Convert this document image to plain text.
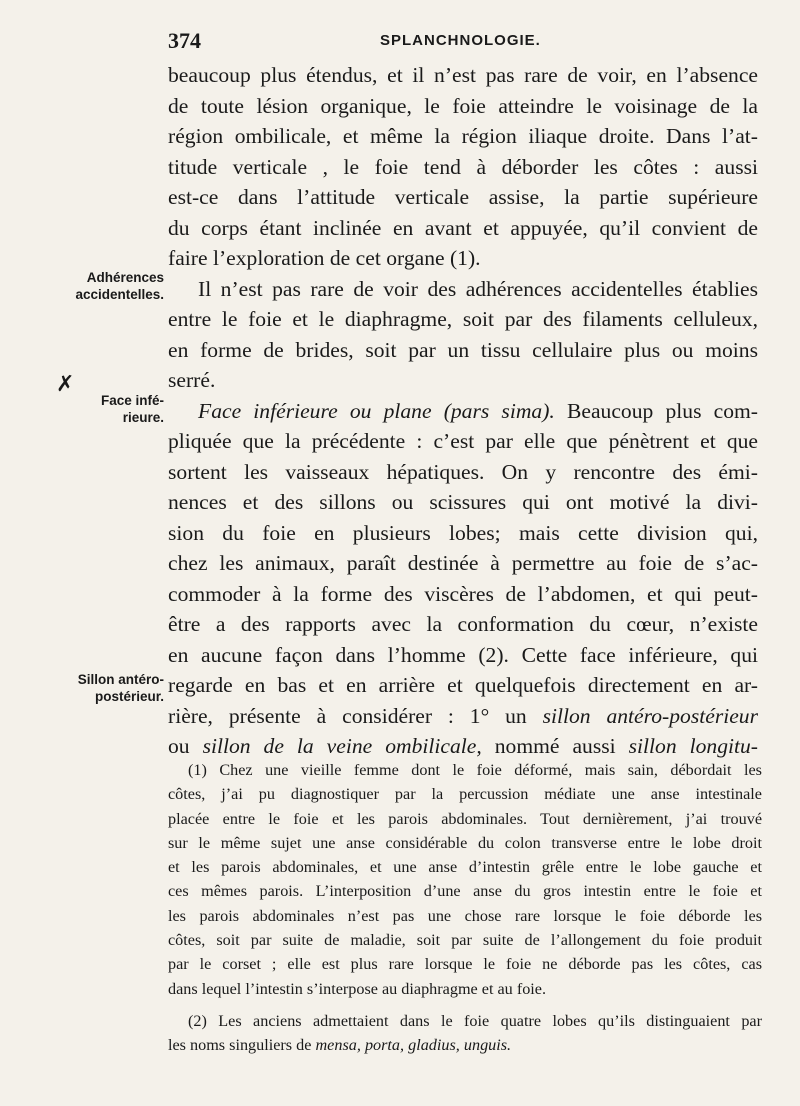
374	SPLANCHNOLOGIE.
Adhérences
accidentelles.
✗
Face infé-
rieure.
Sillon antéro-
postérieur.
beaucoup plus étendus, et il n’est pas rare de voir, en l’absence
de toute lésion organique, le foie atteindre le voisinage de la
région ombilicale, et même la région iliaque droite. Dans l’at-
titude verticale , le foie tend à déborder les côtes : aussi
est-ce dans l’attitude verticale assise, la partie supérieure
du corps étant inclinée en avant et appuyée, qu’il convient de
faire l’exploration de cet organe (1).
Il n’est pas rare de voir des adhérences accidentelles établies
entre le foie et le diaphragme, soit par des filaments celluleux,
en forme de brides, soit par un tissu cellulaire plus ou moins
serré.
Face inférieure ou plane (pars sima). Beaucoup plus com-
pliquée que la précédente : c’est par elle que pénètrent et que
sortent les vaisseaux hépatiques. On y rencontre des émi-
nences et des sillons ou scissures qui ont motivé la divi-
sion du foie en plusieurs lobes; mais cette division qui,
chez les animaux, paraît destinée à permettre au foie de s’ac-
commoder à la forme des viscères de l’abdomen, et qui peut-
être a des rapports avec la conformation du cœur, n’existe
en aucune façon dans l’homme (2). Cette face inférieure, qui
regarde en bas et en arrière et quelquefois directement en ar-
rière, présente à considérer : 1° un sillon antéro-postérieur
ou sillon de la veine ombilicale, nommé aussi sillon longitu-
(1) Chez une vieille femme dont le foie déformé, mais sain, débordait les
côtes, j’ai pu diagnostiquer par la percussion médiate une anse intestinale
placée entre le foie et les parois abdominales. Tout dernièrement, j’ai trouvé
sur le même sujet une anse considérable du colon transverse entre le lobe droit
et les parois abdominales, et une anse d’intestin grêle entre le lobe gauche et
ces mêmes parois. L’interposition d’une anse du gros intestin entre le foie et
les parois abdominales n’est pas une chose rare lorsque le foie déborde les
côtes, soit par suite de maladie, soit par suite de l’allongement du foie produit
par le corset ; elle est plus rare lorsque le foie ne déborde pas les côtes, cas
dans lequel l’intestin s’interpose au diaphragme et au foie.
(2) Les anciens admettaient dans le foie quatre lobes qu’ils distinguaient par
les noms singuliers de mensa, porta, gladius, unguis.
